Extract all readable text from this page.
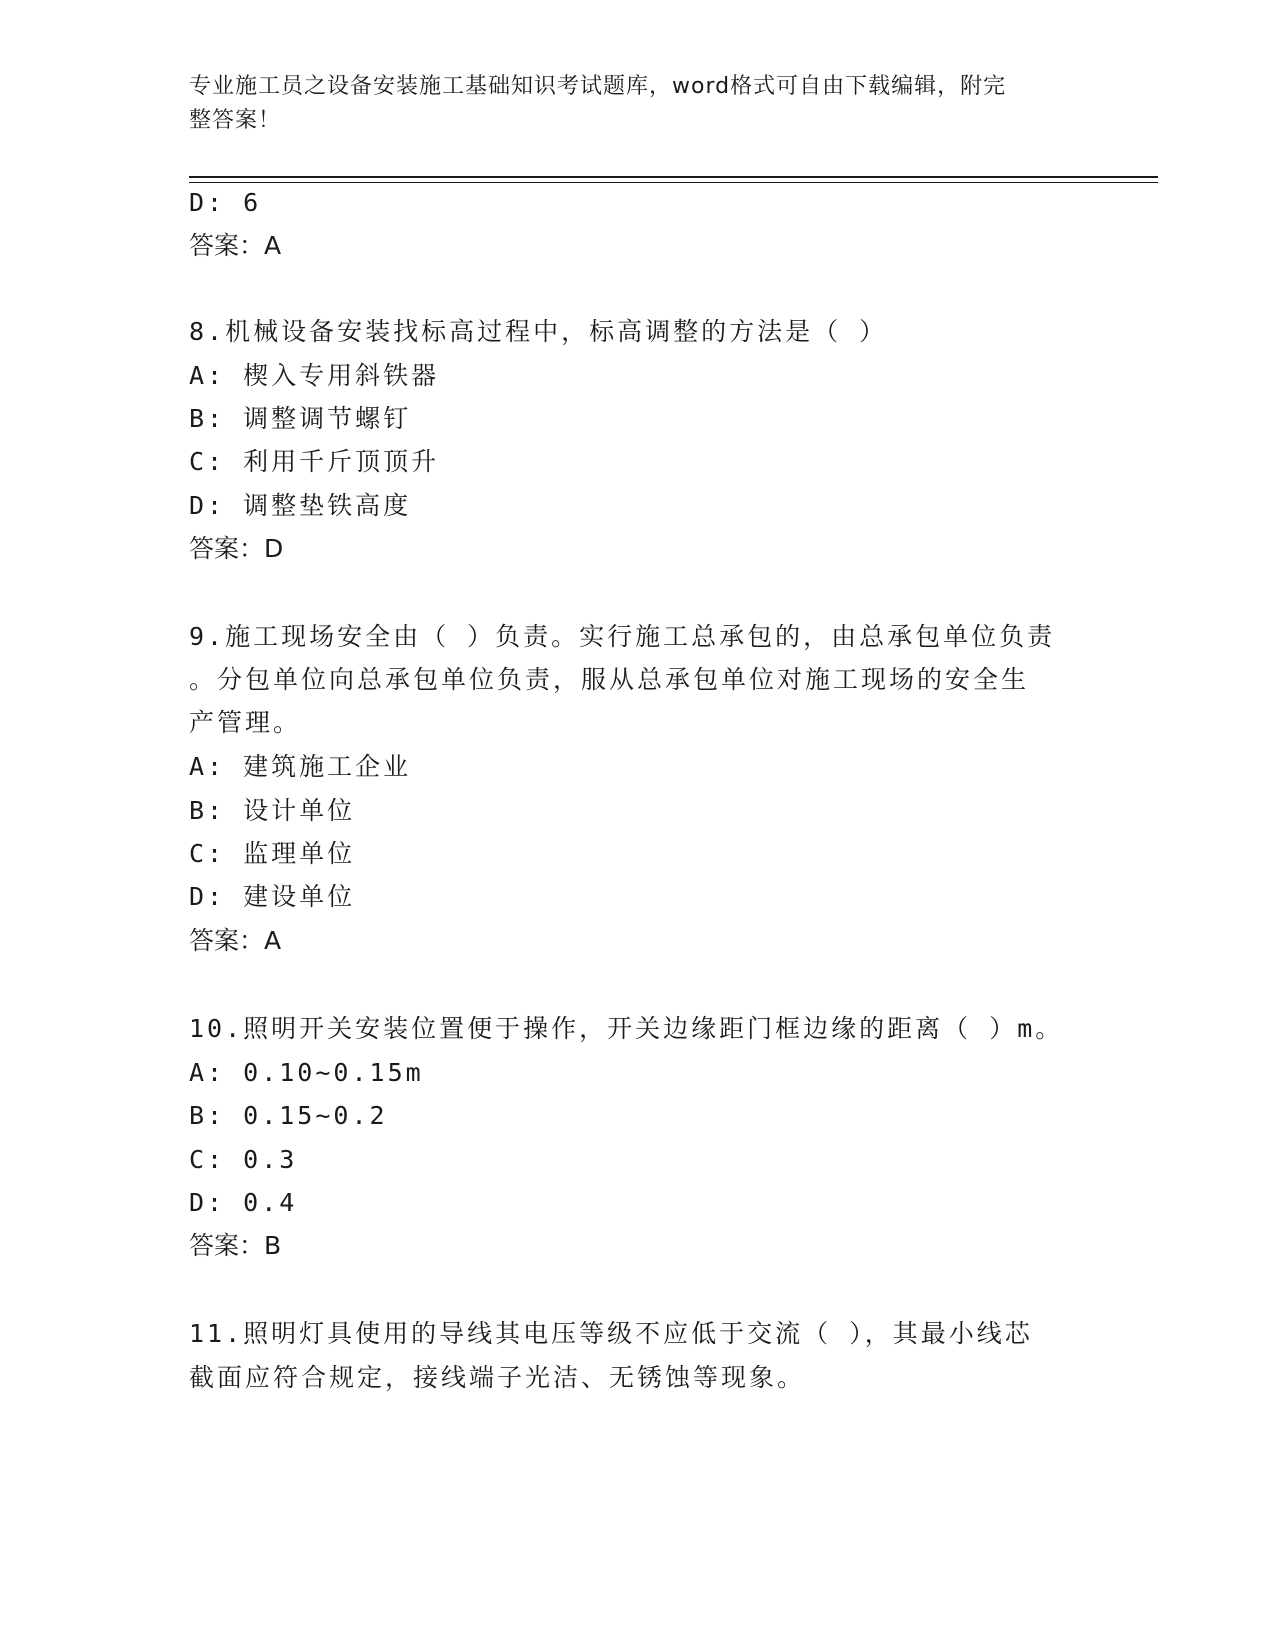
专业施工员之设备安装施工基础知识考试题库，word格式可自由下载编辑，附完
整答案！
D: 6
答案：A
8.机械设备安装找标高过程中，标高调整的方法是（ ）
A: 楔入专用斜铁器
B: 调整调节螺钉
C: 利用千斤顶顶升
D: 调整垫铁高度
答案：D
9.施工现场安全由（ ）负责。实行施工总承包的，由总承包单位负责
。分包单位向总承包单位负责，服从总承包单位对施工现场的安全生
产管理。
A: 建筑施工企业
B: 设计单位
C: 监理单位
D: 建设单位
答案：A
10.照明开关安装位置便于操作，开关边缘距门框边缘的距离（ ）m。
A: 0.10~0.15m
B: 0.15~0.2
C: 0.3
D: 0.4
答案：B
11.照明灯具使用的导线其电压等级不应低于交流（ ），其最小线芯
截面应符合规定，接线端子光洁、无锈蚀等现象。
